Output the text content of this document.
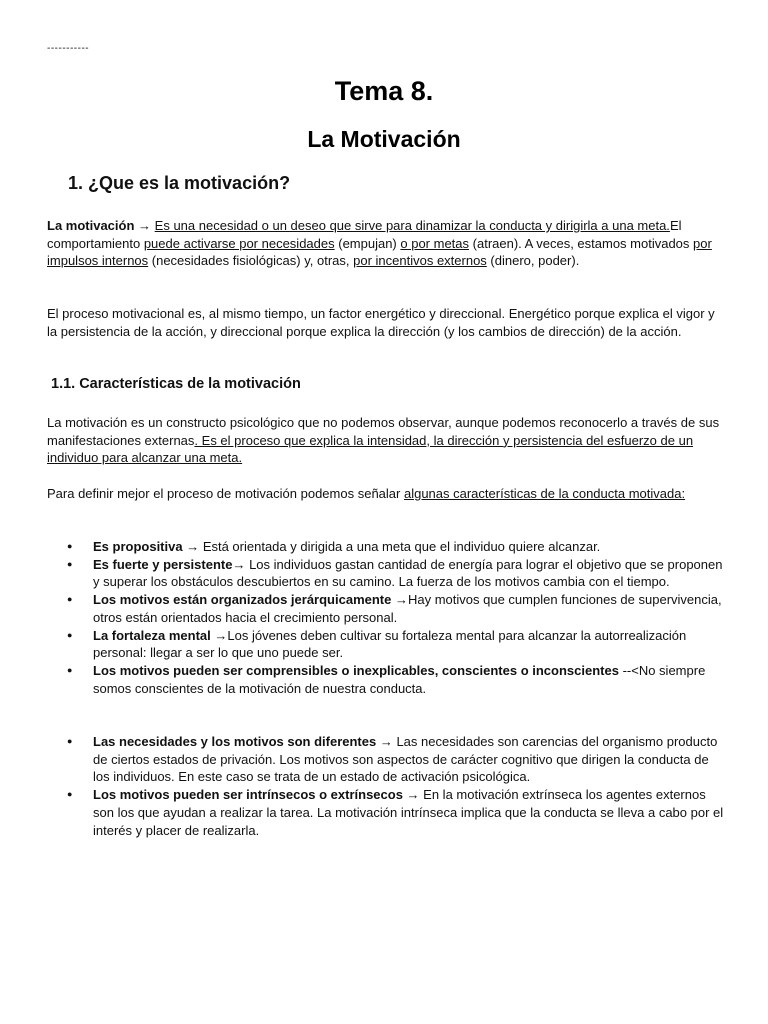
-----------
Tema 8.
La Motivación
1. ¿Que es la motivación?
La motivación → Es una necesidad o un deseo que sirve para dinamizar la conducta y dirigirla a una meta.El comportamiento puede activarse por necesidades (empujan) o por metas (atraen). A veces, estamos motivados por impulsos internos (necesidades fisiológicas) y, otras, por incentivos externos (dinero, poder).
El proceso motivacional es, al mismo tiempo, un factor energético y direccional. Energético porque explica el vigor y la persistencia de la acción, y direccional porque explica la dirección (y los cambios de dirección) de la acción.
1.1. Características de la motivación
La motivación es un constructo psicológico que no podemos observar, aunque podemos reconocerlo a través de sus manifestaciones externas. Es el proceso que explica la intensidad, la dirección y persistencia del esfuerzo de un individuo para alcanzar una meta.
Para definir mejor el proceso de motivación podemos señalar algunas características de la conducta motivada:
●	Es propositiva → Está orientada y dirigida a una meta que el individuo quiere alcanzar.
●	Es fuerte y persistente→ Los individuos gastan cantidad de energía para lograr el objetivo que se proponen y superar los obstáculos descubiertos en su camino. La fuerza de los motivos cambia con el tiempo.
●	Los motivos están organizados jerárquicamente →Hay motivos que cumplen funciones de supervivencia, otros están orientados hacia el crecimiento personal.
●	La fortaleza mental →Los jóvenes deben cultivar su fortaleza mental para alcanzar la autorrealización personal: llegar a ser lo que uno puede ser.
●	Los motivos pueden ser comprensibles o inexplicables, conscientes o inconscientes --<No siempre somos conscientes de la motivación de nuestra conducta.
●	Las necesidades y los motivos son diferentes → Las necesidades son carencias del organismo producto de ciertos estados de privación. Los motivos son aspectos de carácter cognitivo que dirigen la conducta de los individuos. En este caso se trata de un estado de activación psicológica.
●	Los motivos pueden ser intrínsecos o extrínsecos → En la motivación extrínseca los agentes externos son los que ayudan a realizar la tarea. La motivación intrínseca implica que la conducta se lleva a cabo por el interés y placer de realizarla.
